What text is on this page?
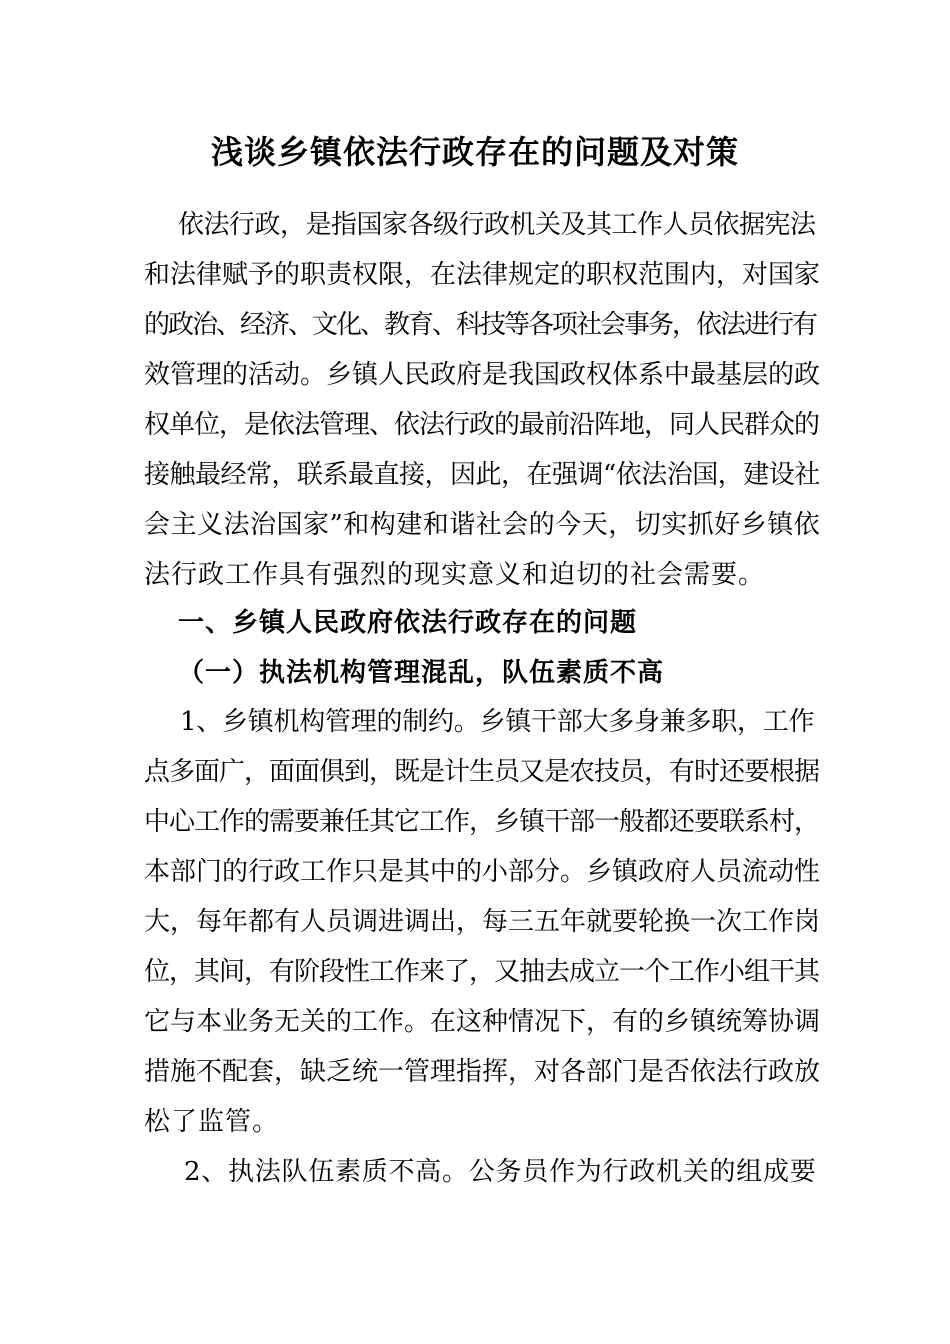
浅谈乡镇依法行政存在的问题及对策
依法行政，是指国家各级行政机关及其工作人员依据宪法
和法律赋予的职责权限，在法律规定的职权范围内，对国家
的政治、经济、文化、教育、科技等各项社会事务，依法进行有
效管理的活动。乡镇人民政府是我国政权体系中最基层的政
权单位，是依法管理、依法行政的最前沿阵地，同人民群众的
接触最经常，联系最直接，因此，在强调“依法治国，建设社
会主义法治国家”和构建和谐社会的今天，切实抓好乡镇依
法行政工作具有强烈的现实意义和迫切的社会需要。
一、乡镇人民政府依法行政存在的问题
（一）执法机构管理混乱，队伍素质不高
1、乡镇机构管理的制约。乡镇干部大多身兼多职，工作
点多面广，面面俱到，既是计生员又是农技员，有时还要根据
中心工作的需要兼任其它工作，乡镇干部一般都还要联系村，
本部门的行政工作只是其中的小部分。乡镇政府人员流动性
大，每年都有人员调进调出，每三五年就要轮换一次工作岗
位，其间，有阶段性工作来了，又抽去成立一个工作小组干其
它与本业务无关的工作。在这种情况下，有的乡镇统筹协调
措施不配套，缺乏统一管理指挥，对各部门是否依法行政放
松了监管。
2、执法队伍素质不高。公务员作为行政机关的组成要
